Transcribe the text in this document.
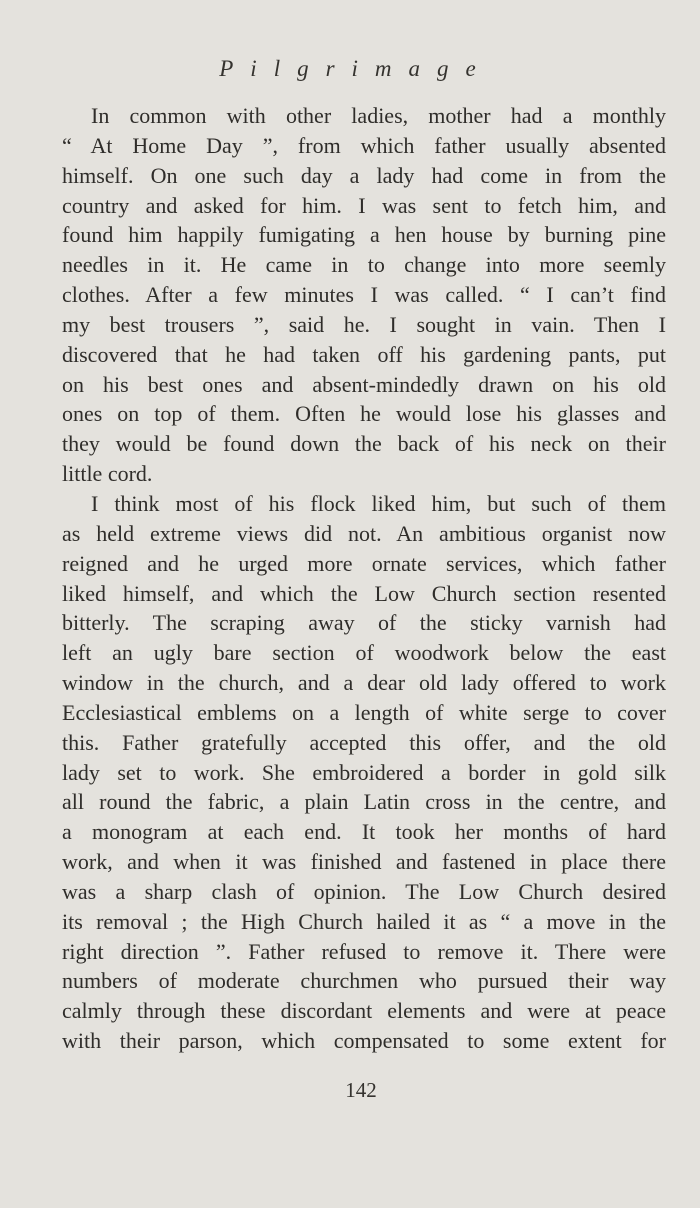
Pilgrimage
In common with other ladies, mother had a monthly
“ At Home Day ”, from which father usually absented
himself. On one such day a lady had come in from the
country and asked for him. I was sent to fetch him, and
found him happily fumigating a hen house by burning pine
needles in it. He came in to change into more seemly
clothes. After a few minutes I was called. “ I can’t find
my best trousers ”, said he. I sought in vain. Then I
discovered that he had taken off his gardening pants, put
on his best ones and absent-mindedly drawn on his old
ones on top of them. Often he would lose his glasses and
they would be found down the back of his neck on their
little cord.
I think most of his flock liked him, but such of them
as held extreme views did not. An ambitious organist now
reigned and he urged more ornate services, which father
liked himself, and which the Low Church section resented
bitterly. The scraping away of the sticky varnish had
left an ugly bare section of woodwork below the east
window in the church, and a dear old lady offered to work
Ecclesiastical emblems on a length of white serge to cover
this. Father gratefully accepted this offer, and the old
lady set to work. She embroidered a border in gold silk
all round the fabric, a plain Latin cross in the centre, and
a monogram at each end. It took her months of hard
work, and when it was finished and fastened in place there
was a sharp clash of opinion. The Low Church desired
its removal ; the High Church hailed it as “ a move in the
right direction ”. Father refused to remove it. There were
numbers of moderate churchmen who pursued their way
calmly through these discordant elements and were at peace
with their parson, which compensated to some extent for
142
